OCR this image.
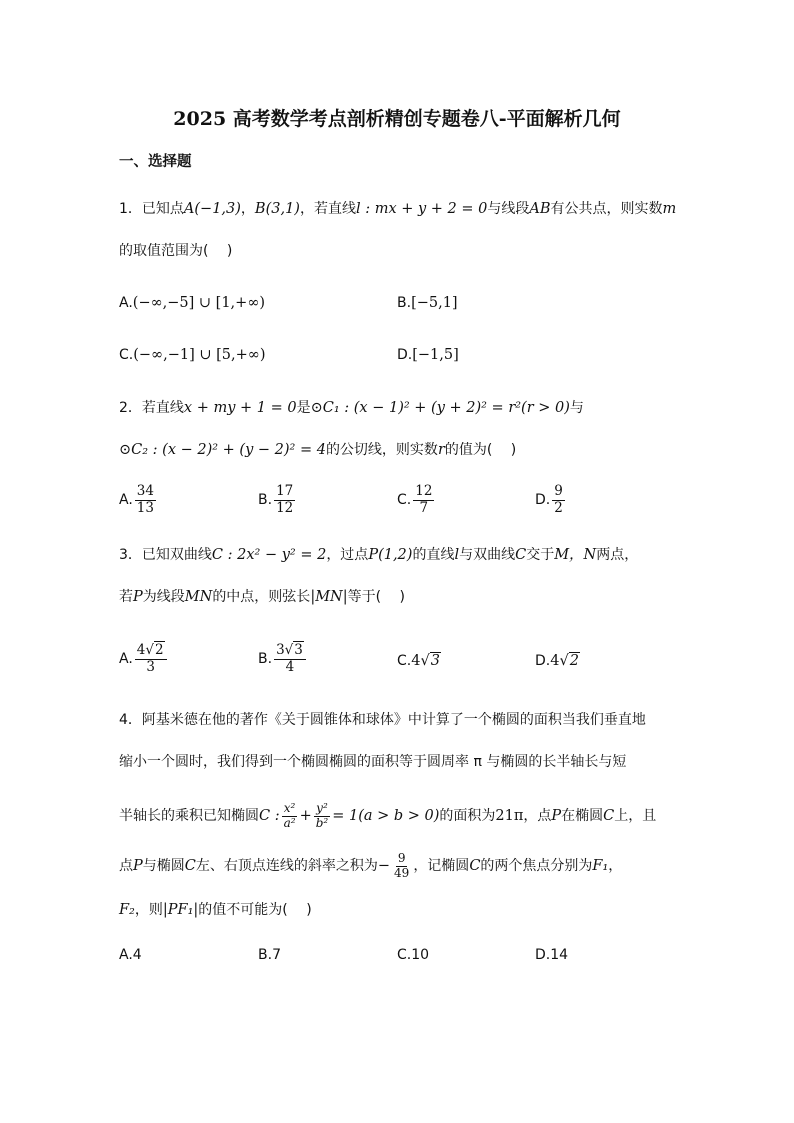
2025 高考数学考点剖析精创专题卷八-平面解析几何
一、选择题
1．已知点A(−1,3)，B(3,1)，若直线l : mx + y + 2 = 0与线段AB有公共点，则实数m
的取值范围为(　 )
A.(−∞,−5] ∪ [1,+∞)	B.[−5,1]
C.(−∞,−1] ∪ [5,+∞)	D.[−1,5]
2．若直线x + my + 1 = 0是⊙C₁ : (x − 1)² + (y + 2)² = r²(r > 0)与
⊙C₂ : (x − 2)² + (y − 2)² = 4的公切线，则实数r的值为(　 )
A. $\frac{34}{13}$	B. $\frac{17}{12}$	C. $\frac{12}{7}$	D. $\frac{9}{2}$
3．已知双曲线C : 2x² − y² = 2，过点P(1,2)的直线l与双曲线C交于M，N两点，
若P为线段MN的中点，则弦长|MN|等于(　 )
A. $\frac{4√2}{3}$	B. $\frac{3√3}{4}$	C.4√3	D.4√2
4．阿基米德在他的著作《关于圆锥体和球体》中计算了一个椭圆的面积当我们垂直地
缩小一个圆时，我们得到一个椭圆椭圆的面积等于圆周率 π 与椭圆的长半轴长与短
半轴长的乘积已知椭圆C : $\frac{\text{x²}}{\text{a²}} + \frac{\text{y²}}{\text{b²}} = 1(a > b > 0)$的面积为21π，点P在椭圆C上，且
点P与椭圆C左、右顶点连线的斜率之积为− $\frac{9}{49}$ ，记椭圆C的两个焦点分别为F₁，
F₂，则|PF₁|的值不可能为(　 )
A.4	B.7	C.10	D.14
